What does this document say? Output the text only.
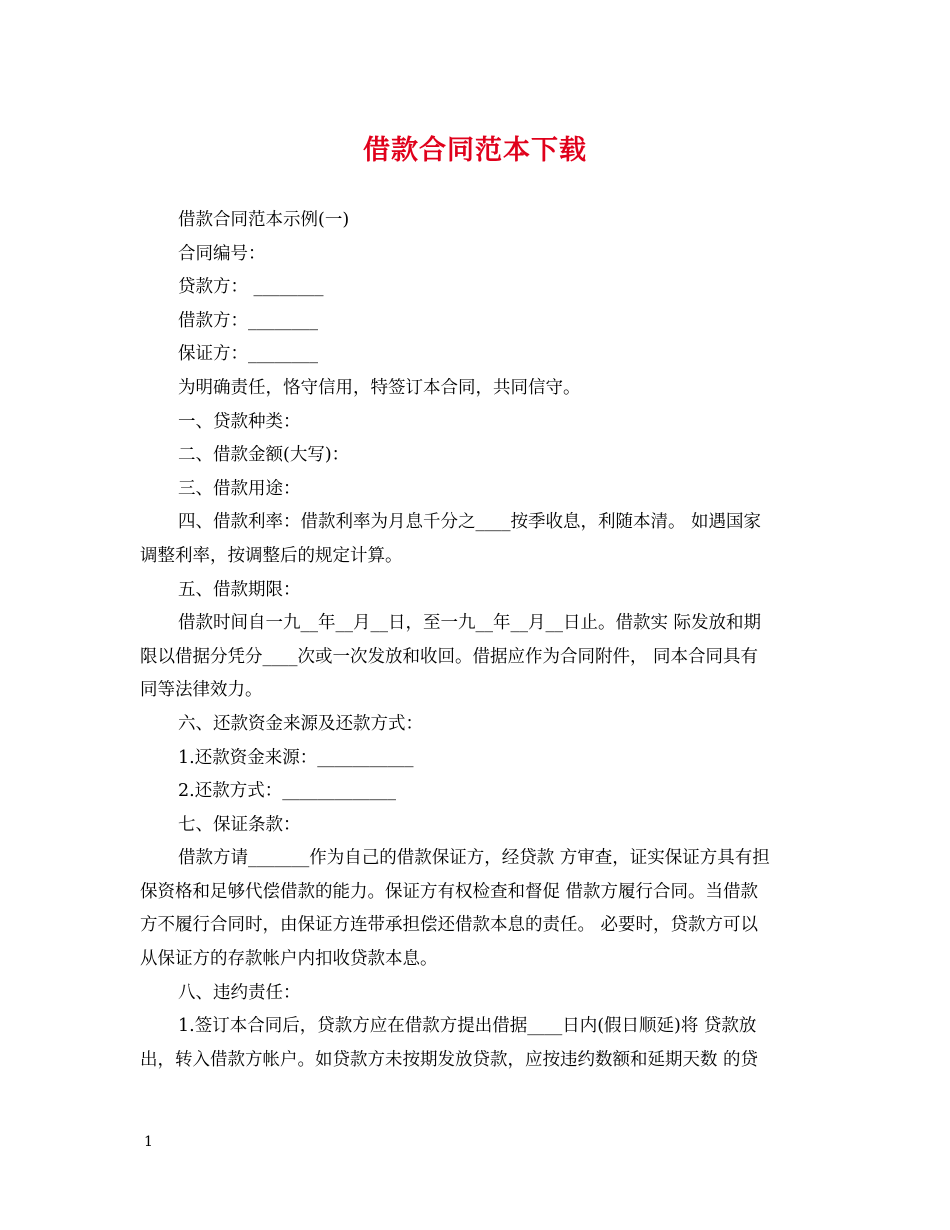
借款合同范本下载
借款合同范本示例(一)
合同编号：
贷款方： ________
借款方：________
保证方：________
为明确责任，恪守信用，特签订本合同，共同信守。
一、贷款种类：
二、借款金额(大写)：
三、借款用途：
四、借款利率：借款利率为月息千分之____按季收息，利随本清。 如遇国家
调整利率，按调整后的规定计算。
五、借款期限：
借款时间自一九__年__月__日，至一九__年__月__日止。借款实 际发放和期
限以借据分凭分____次或一次发放和收回。借据应作为合同附件， 同本合同具有
同等法律效力。
六、还款资金来源及还款方式：
1.还款资金来源：___________
2.还款方式：_____________
七、保证条款：
借款方请_______作为自己的借款保证方，经贷款 方审查，证实保证方具有担
保资格和足够代偿借款的能力。保证方有权检查和督促 借款方履行合同。当借款
方不履行合同时，由保证方连带承担偿还借款本息的责任。 必要时，贷款方可以
从保证方的存款帐户内扣收贷款本息。
八、违约责任：
1.签订本合同后，贷款方应在借款方提出借据____日内(假日顺延)将 贷款放
出，转入借款方帐户。如贷款方未按期发放贷款，应按违约数额和延期天数 的贷
1
